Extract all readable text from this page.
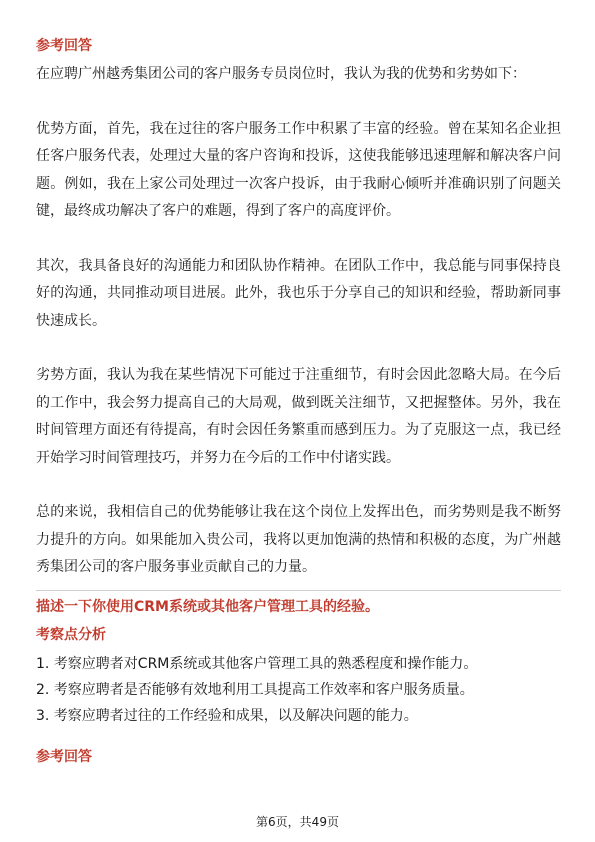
参考回答

在应聘广州越秀集团公司的客户服务专员岗位时，我认为我的优势和劣势如下：

优势方面，首先，我在过往的客户服务工作中积累了丰富的经验。曾在某知名企业担任客户服务代表，处理过大量的客户咨询和投诉，这使我能够迅速理解和解决客户问题。例如，我在上家公司处理过一次客户投诉，由于我耐心倾听并准确识别了问题关键，最终成功解决了客户的难题，得到了客户的高度评价。

其次，我具备良好的沟通能力和团队协作精神。在团队工作中，我总能与同事保持良好的沟通，共同推动项目进展。此外，我也乐于分享自己的知识和经验，帮助新同事快速成长。

劣势方面，我认为我在某些情况下可能过于注重细节，有时会因此忽略大局。在今后的工作中，我会努力提高自己的大局观，做到既关注细节，又把握整体。另外，我在时间管理方面还有待提高，有时会因任务繁重而感到压力。为了克服这一点，我已经开始学习时间管理技巧，并努力在今后的工作中付诸实践。

总的来说，我相信自己的优势能够让我在这个岗位上发挥出色，而劣势则是我不断努力提升的方向。如果能加入贵公司，我将以更加饱满的热情和积极的态度，为广州越秀集团公司的客户服务事业贡献自己的力量。

描述一下你使用CRM系统或其他客户管理工具的经验。
考察点分析

1. 考察应聘者对CRM系统或其他客户管理工具的熟悉程度和操作能力。

2. 考察应聘者是否能够有效地利用工具提高工作效率和客户服务质量。

3. 考察应聘者过往的工作经验和成果，以及解决问题的能力。

参考回答
第6页，共49页
